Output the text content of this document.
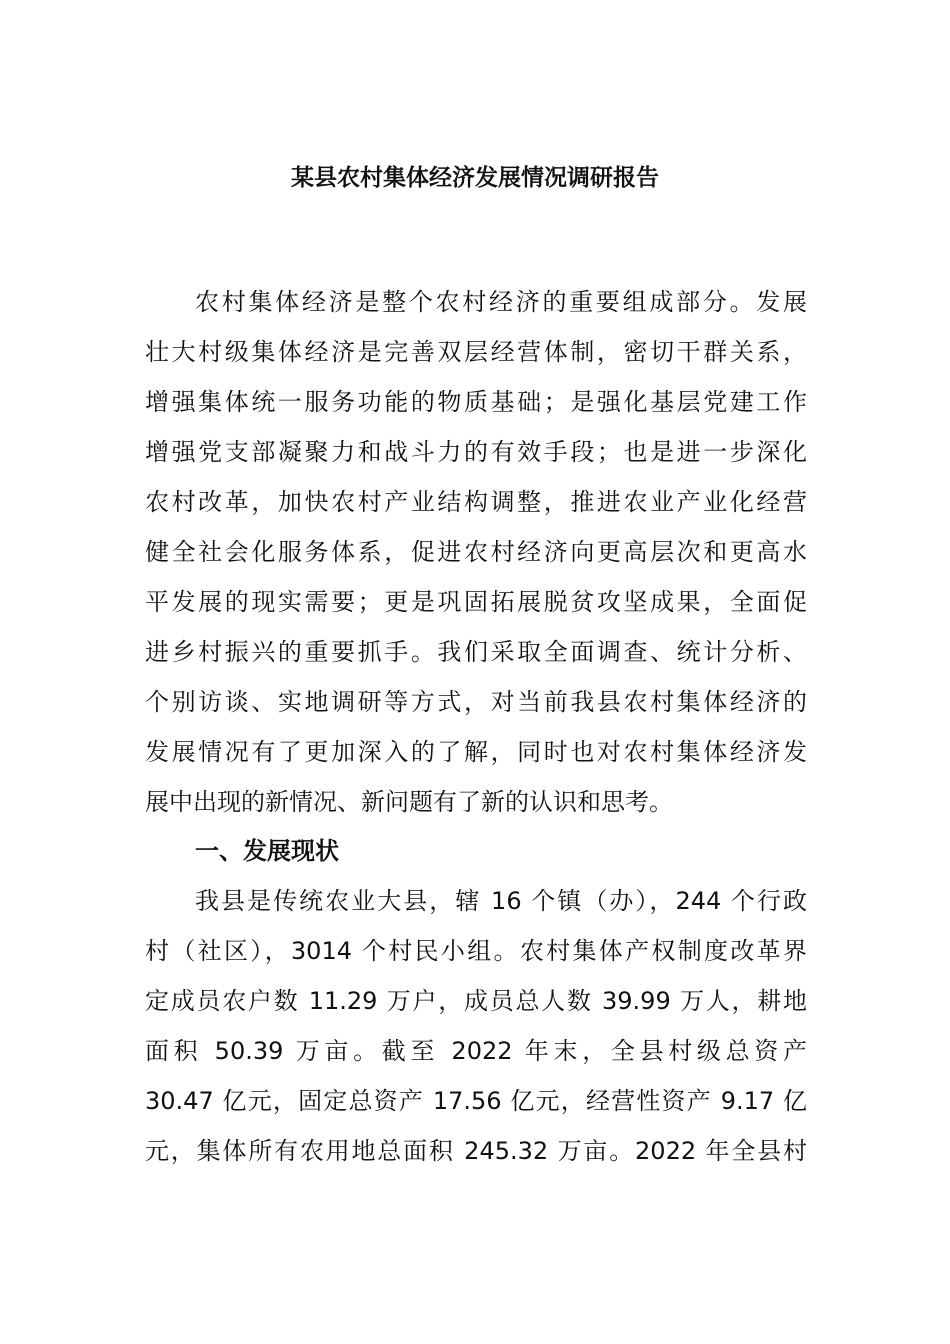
某县农村集体经济发展情况调研报告
农村集体经济是整个农村经济的重要组成部分。发展
壮大村级集体经济是完善双层经营体制，密切干群关系，
增强集体统一服务功能的物质基础；是强化基层党建工作
增强党支部凝聚力和战斗力的有效手段；也是进一步深化
农村改革，加快农村产业结构调整，推进农业产业化经营
健全社会化服务体系，促进农村经济向更高层次和更高水
平发展的现实需要；更是巩固拓展脱贫攻坚成果，全面促
进乡村振兴的重要抓手。我们采取全面调查、统计分析、
个别访谈、实地调研等方式，对当前我县农村集体经济的
发展情况有了更加深入的了解，同时也对农村集体经济发
展中出现的新情况、新问题有了新的认识和思考。
一、发展现状
我县是传统农业大县，辖 16 个镇（办），244 个行政
村（社区），3014 个村民小组。农村集体产权制度改革界
定成员农户数 11.29 万户，成员总人数 39.99 万人，耕地
面积 50.39 万亩。截至 2022 年末，全县村级总资产
30.47 亿元，固定总资产 17.56 亿元，经营性资产 9.17 亿
元，集体所有农用地总面积 245.32 万亩。2022 年全县村
